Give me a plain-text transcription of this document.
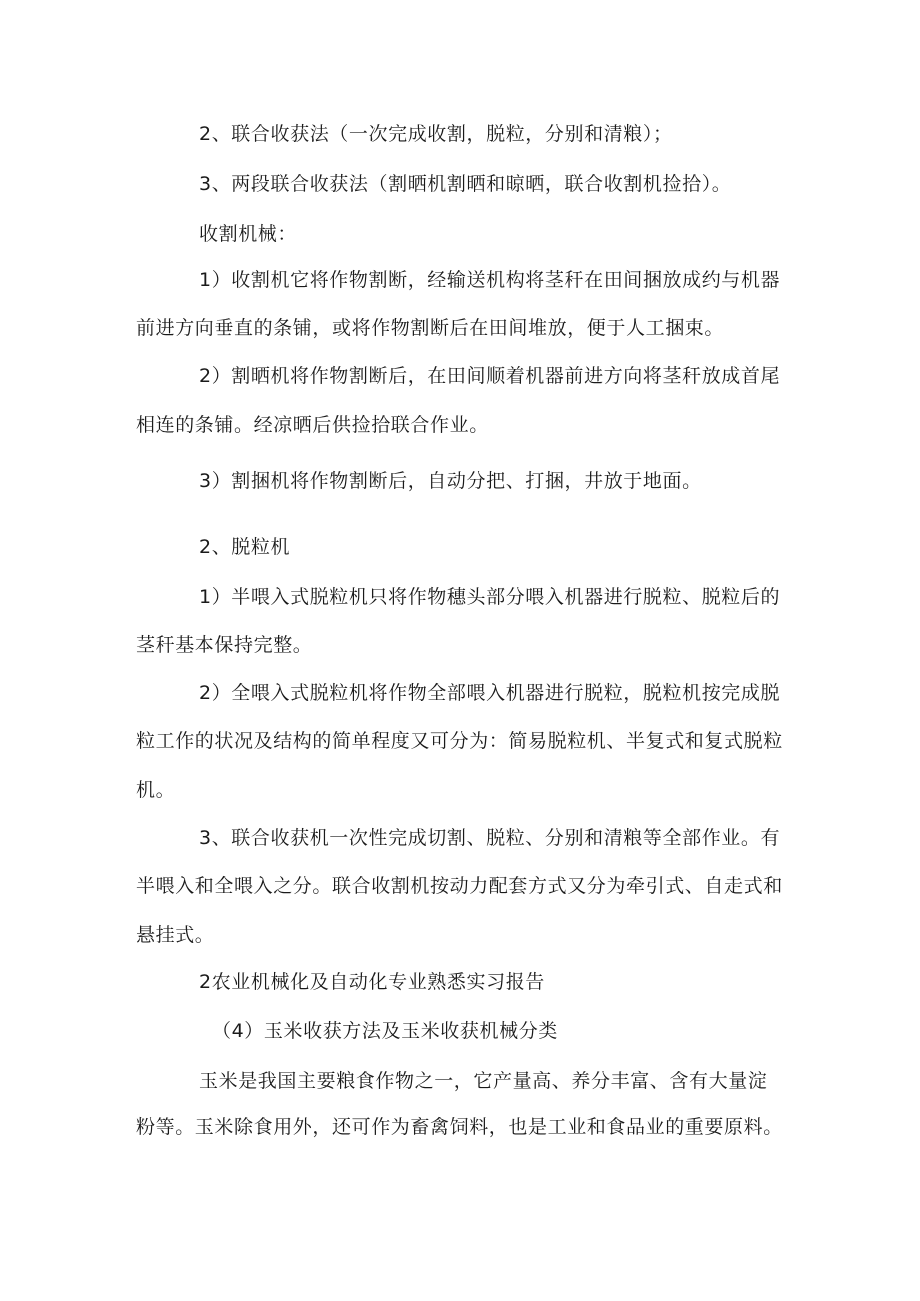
2、联合收获法（一次完成收割，脱粒，分别和清粮）；
3、两段联合收获法（割晒机割晒和晾晒，联合收割机捡拾）。
收割机械：
1）收割机它将作物割断，经输送机构将茎秆在田间捆放成约与机器
前进方向垂直的条铺，或将作物割断后在田间堆放，便于人工捆束。
2）割晒机将作物割断后，在田间顺着机器前进方向将茎秆放成首尾
相连的条铺。经凉晒后供捡拾联合作业。
3）割捆机将作物割断后，自动分把、打捆，井放于地面。
2、脱粒机
1）半喂入式脱粒机只将作物穗头部分喂入机器进行脱粒、脱粒后的
茎秆基本保持完整。
2）全喂入式脱粒机将作物全部喂入机器进行脱粒，脱粒机按完成脱
粒工作的状况及结构的简单程度又可分为：简易脱粒机、半复式和复式脱粒
机。
3、联合收获机一次性完成切割、脱粒、分别和清粮等全部作业。有
半喂入和全喂入之分。联合收割机按动力配套方式又分为牵引式、自走式和
悬挂式。
2农业机械化及自动化专业熟悉实习报告
（4）玉米收获方法及玉米收获机械分类
玉米是我国主要粮食作物之一，它产量高、养分丰富、含有大量淀
粉等。玉米除食用外，还可作为畜禽饲料，也是工业和食品业的重要原料。
